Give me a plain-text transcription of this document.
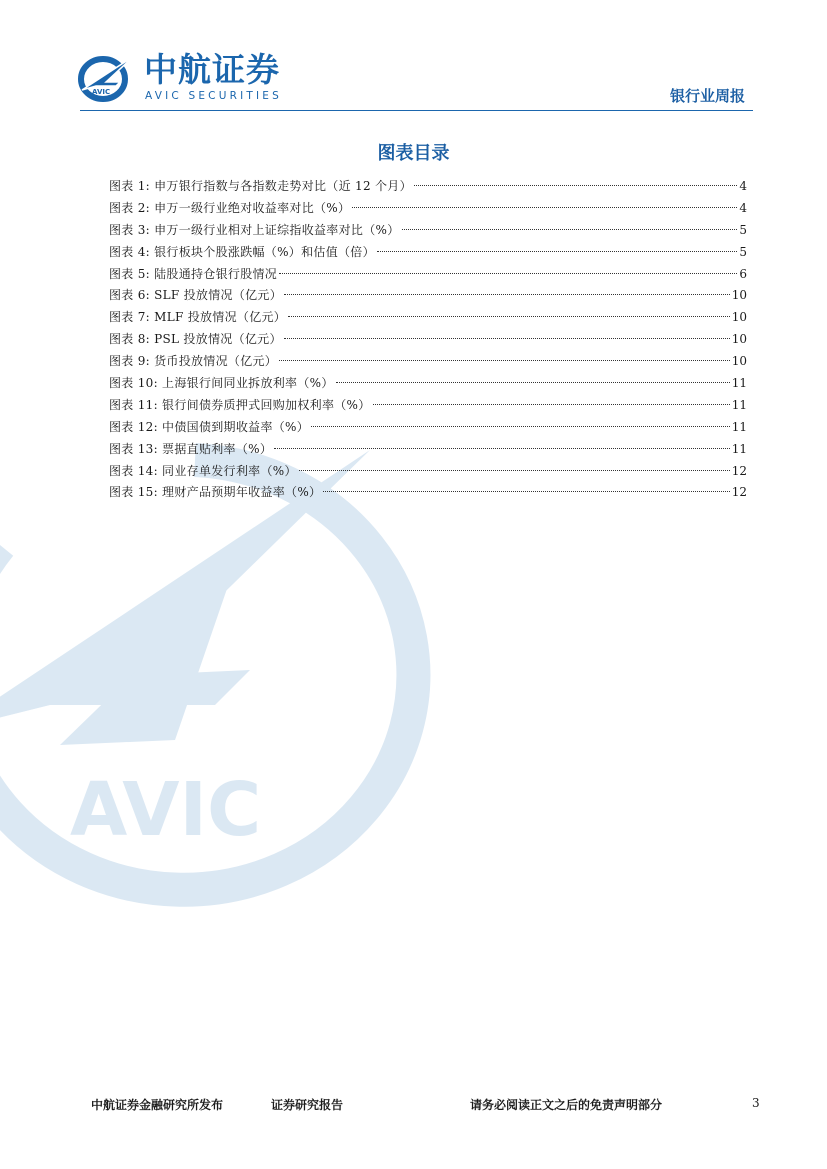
AVIC
中航证券
AVIC SECURITIES	银行业周报
AVIC
图表目录
图表 1: 申万银行指数与各指数走势对比（近 12 个月）	4
图表 2: 申万一级行业绝对收益率对比（%）	4
图表 3: 申万一级行业相对上证综指收益率对比（%）	5
图表 4: 银行板块个股涨跌幅（%）和估值（倍）	5
图表 5: 陆股通持仓银行股情况	6
图表 6: SLF 投放情况（亿元）	10
图表 7: MLF 投放情况（亿元）	10
图表 8: PSL 投放情况（亿元）	10
图表 9: 货币投放情况（亿元）	10
图表 10: 上海银行间同业拆放利率（%）	11
图表 11: 银行间债券质押式回购加权利率（%）	11
图表 12: 中债国债到期收益率（%）	11
图表 13: 票据直贴利率（%）	11
图表 14: 同业存单发行利率（%）	12
图表 15: 理财产品预期年收益率（%）	12
中航证券金融研究所发布	证券研究报告	请务必阅读正文之后的免责声明部分	3
